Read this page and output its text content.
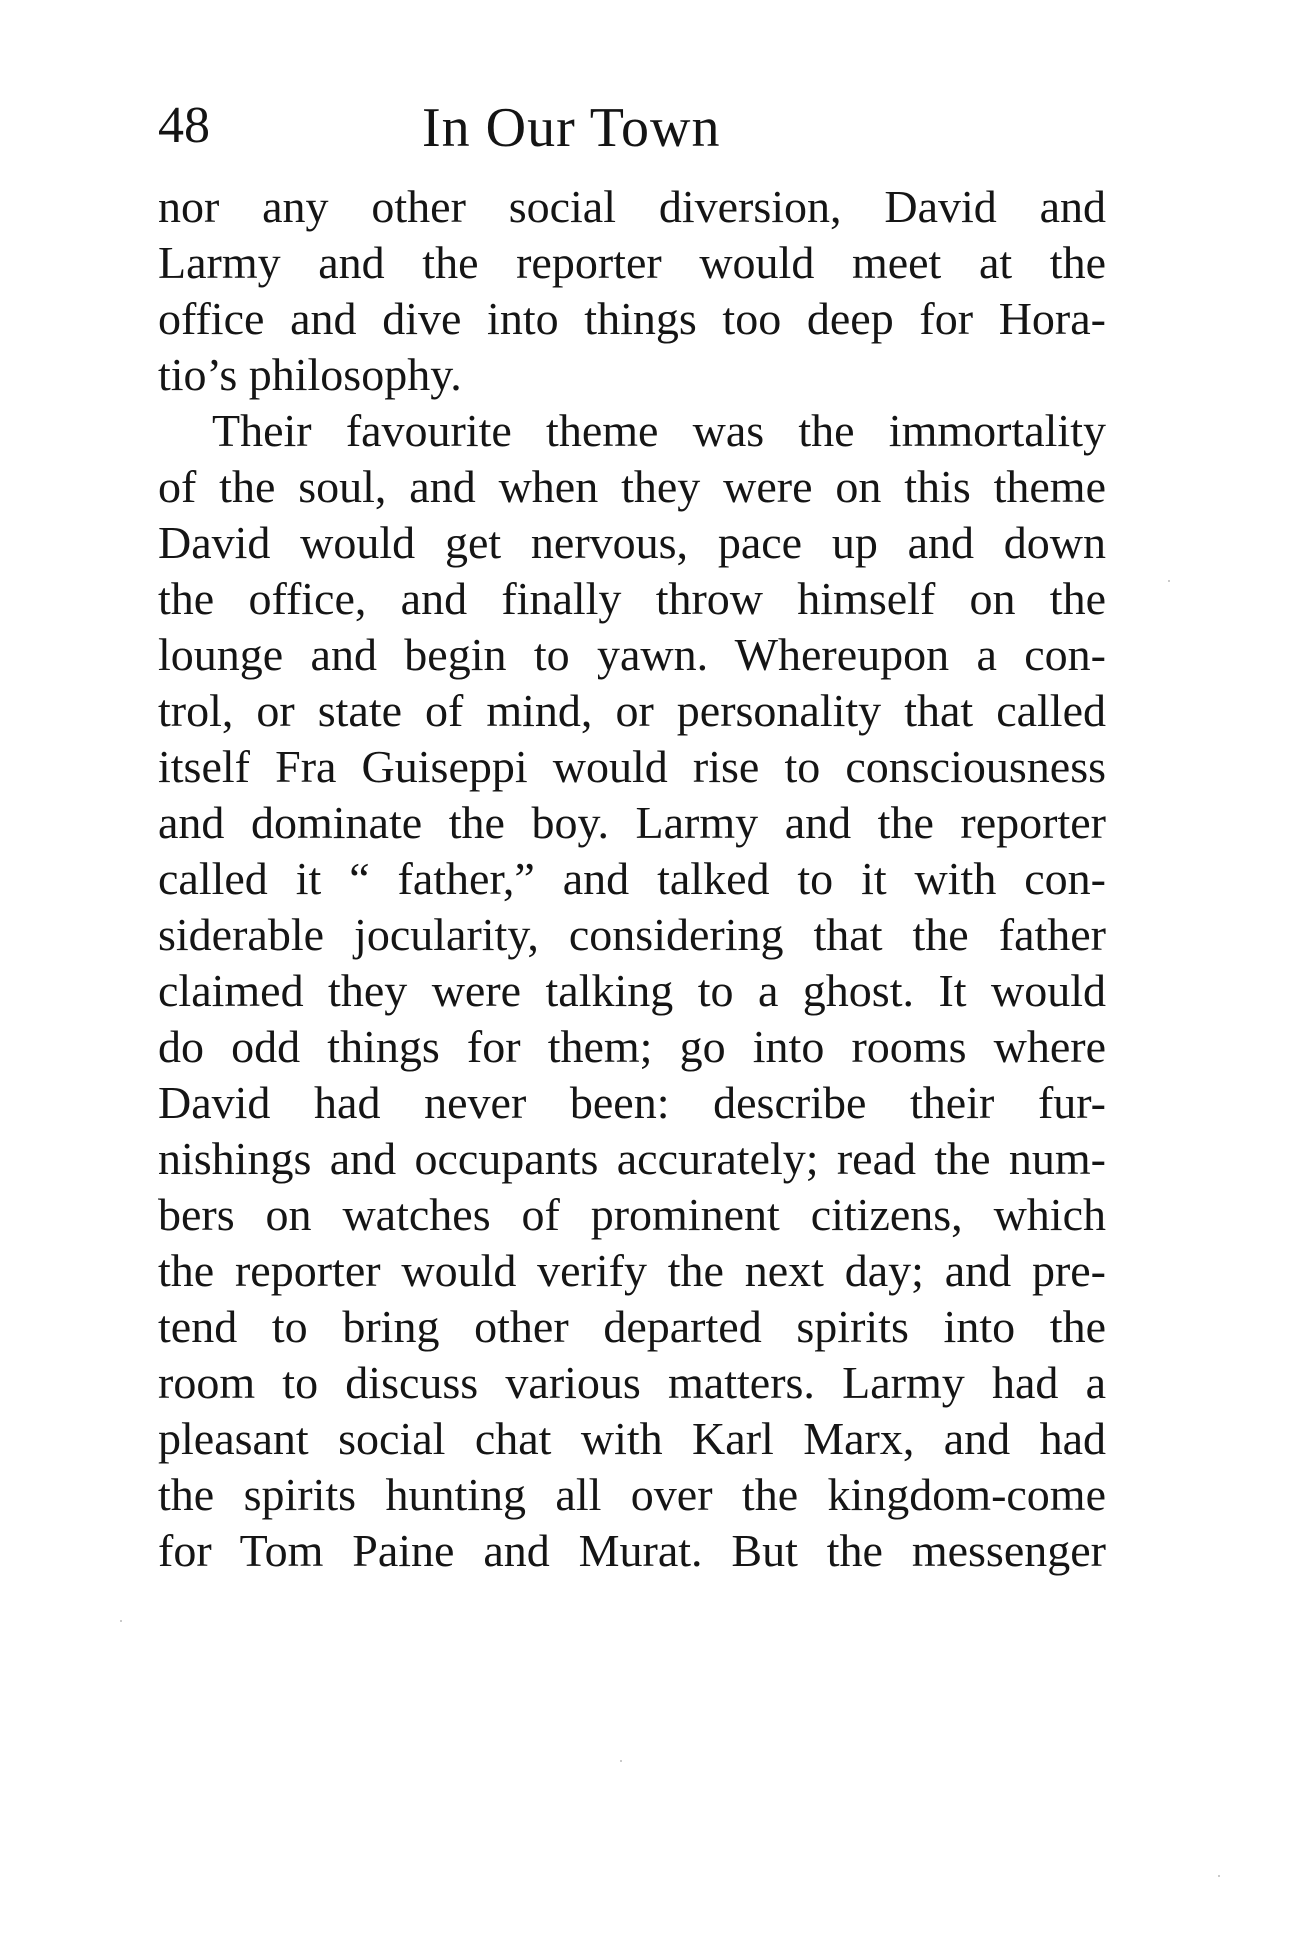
48	In Our Town
nor any other social diversion, David and
Larmy and the reporter would meet at the
office and dive into things too deep for Hora-
tio’s philosophy.
Their favourite theme was the immortality
of the soul, and when they were on this theme
David would get nervous, pace up and down
the office, and finally throw himself on the
lounge and begin to yawn. Whereupon a con-
trol, or state of mind, or personality that called
itself Fra Guiseppi would rise to consciousness
and dominate the boy. Larmy and the reporter
called it “ father,” and talked to it with con-
siderable jocularity, considering that the father
claimed they were talking to a ghost. It would
do odd things for them; go into rooms where
David had never been: describe their fur-
nishings and occupants accurately; read the num-
bers on watches of prominent citizens, which
the reporter would verify the next day; and pre-
tend to bring other departed spirits into the
room to discuss various matters. Larmy had a
pleasant social chat with Karl Marx, and had
the spirits hunting all over the kingdom-come
for Tom Paine and Murat. But the messenger
